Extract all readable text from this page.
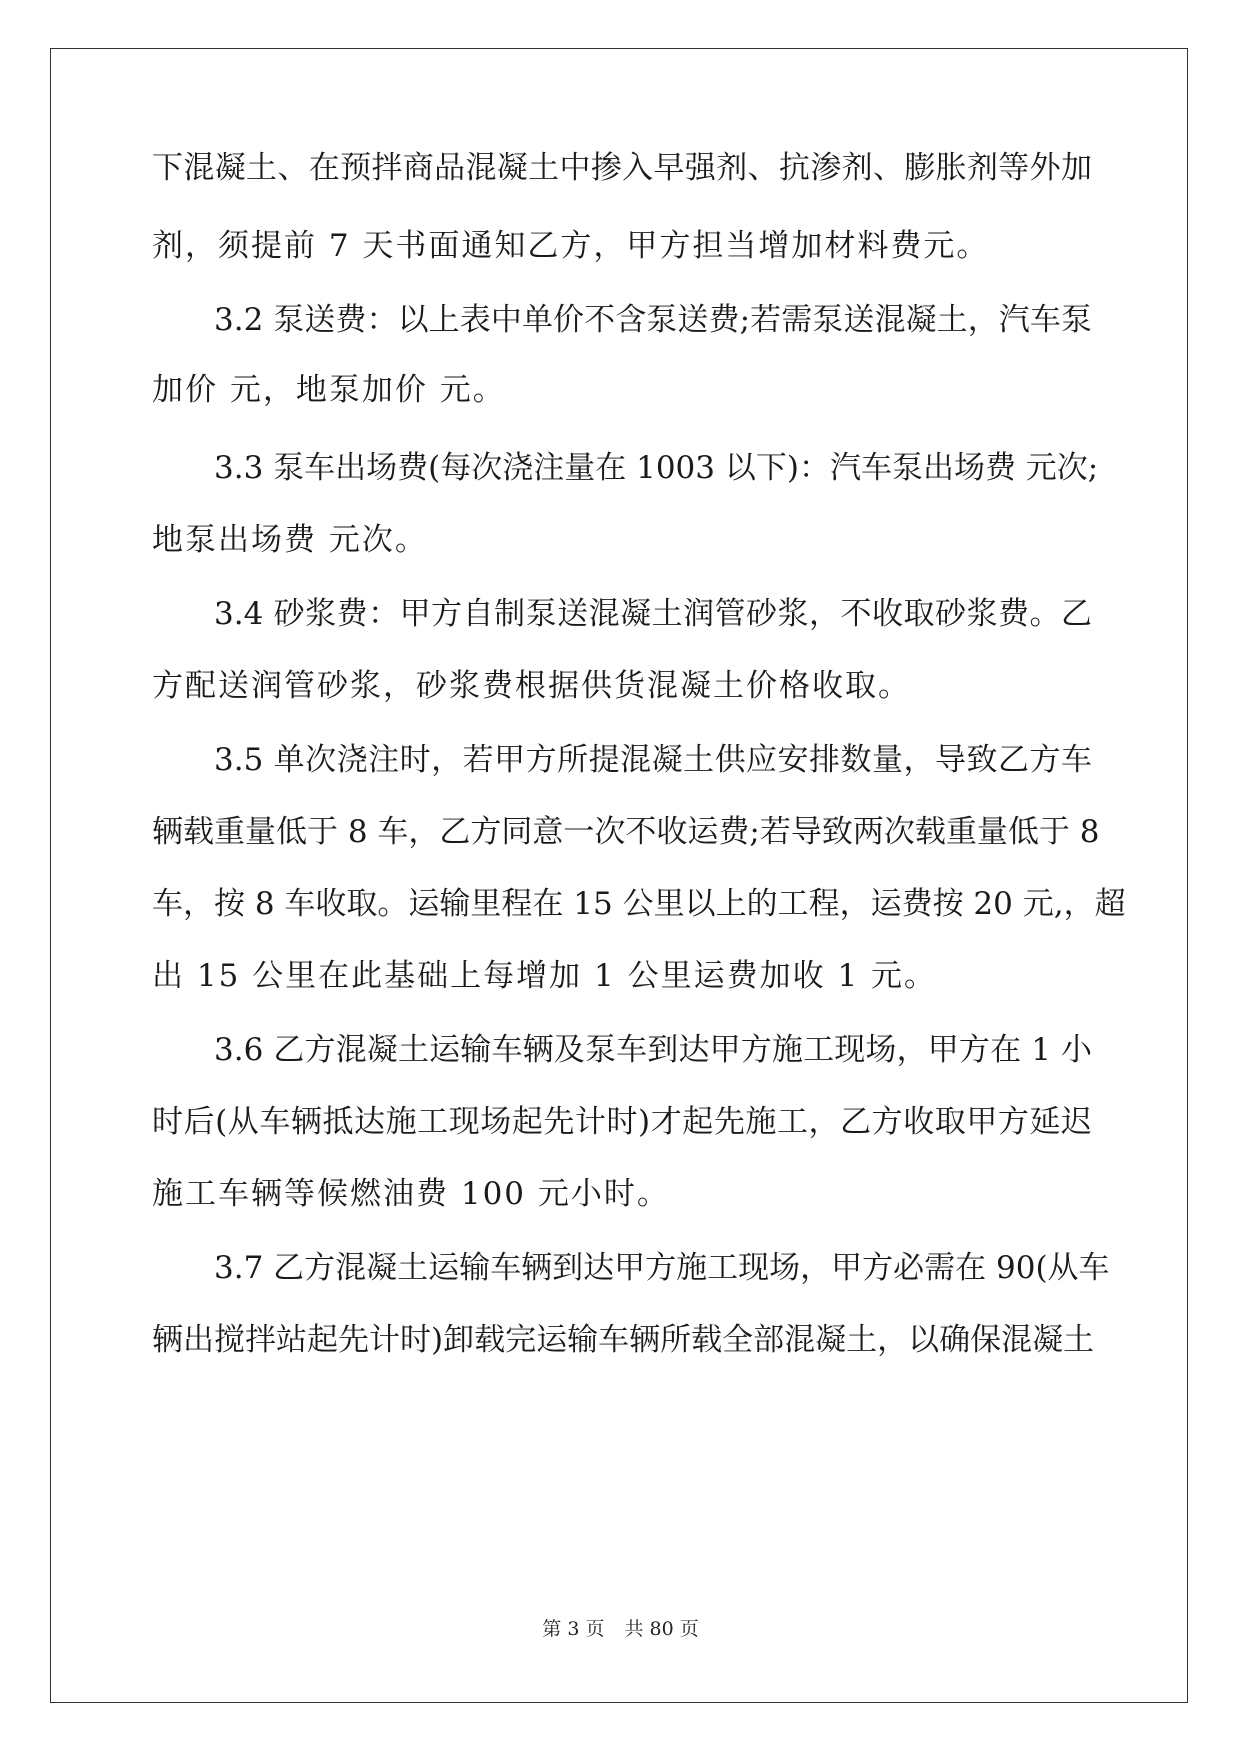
下混凝土、在预拌商品混凝土中掺入早强剂、抗渗剂、膨胀剂等外加
剂，须提前 7 天书面通知乙方，甲方担当增加材料费元。
3.2 泵送费：以上表中单价不含泵送费;若需泵送混凝土，汽车泵
加价 元，地泵加价 元。
3.3 泵车出场费(每次浇注量在 1003 以下)：汽车泵出场费 元次;
地泵出场费 元次。
3.4 砂浆费：甲方自制泵送混凝土润管砂浆，不收取砂浆费。乙
方配送润管砂浆，砂浆费根据供货混凝土价格收取。
3.5 单次浇注时，若甲方所提混凝土供应安排数量，导致乙方车
辆载重量低于 8 车，乙方同意一次不收运费;若导致两次载重量低于 8
车，按 8 车收取。运输里程在 15 公里以上的工程，运费按 20 元,，超
出 15 公里在此基础上每增加 1 公里运费加收 1 元。
3.6 乙方混凝土运输车辆及泵车到达甲方施工现场，甲方在 1 小
时后(从车辆抵达施工现场起先计时)才起先施工，乙方收取甲方延迟
施工车辆等候燃油费 100 元小时。
3.7 乙方混凝土运输车辆到达甲方施工现场，甲方必需在 90(从车
辆出搅拌站起先计时)卸载完运输车辆所载全部混凝土，以确保混凝土
第 3 页 共 80 页
